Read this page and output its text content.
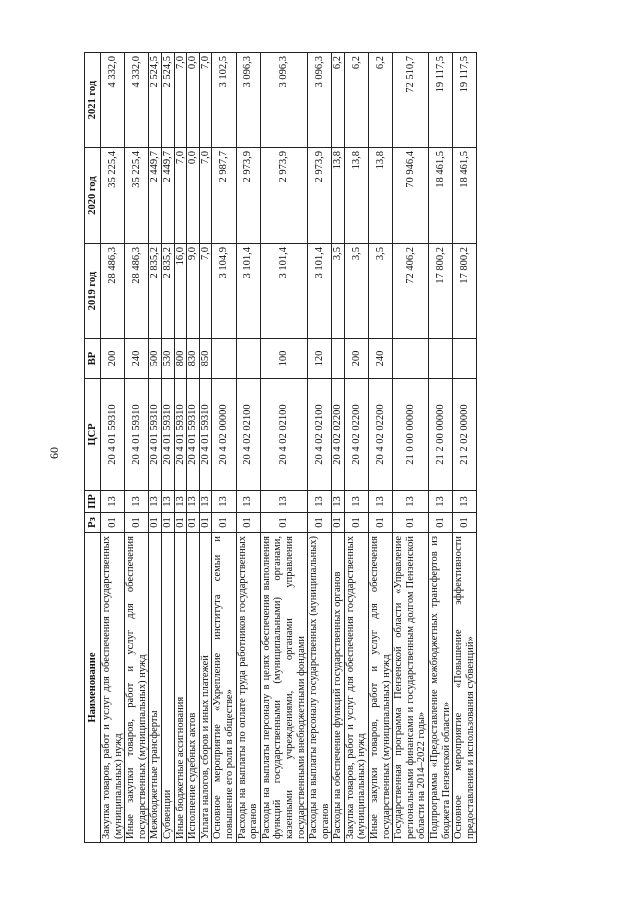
60
Наименование	Рз	ПР	ЦСР	ВР	2019 год	2020 год	2021 год
Закупка товаров, работ и услуг для обеспечения государственных (муниципальных) нужд	01	13	20 4 01 59310	200	28 486,3	35 225,4	4 332,0
Иные закупки товаров, работ и услуг для обеспечения государственных (муниципальных) нужд	01	13	20 4 01 59310	240	28 486,3	35 225,4	4 332,0
Межбюджетные трансферты	01	13	20 4 01 59310	500	2 835,2	2 449,7	2 524,5
Субвенции	01	13	20 4 01 59310	530	2 835,2	2 449,7	2 524,5
Иные бюджетные ассигнования	01	13	20 4 01 59310	800	16,0	7,0	7,0
Исполнение судебных актов	01	13	20 4 01 59310	830	9,0	0,0	0,0
Уплата налогов, сборов и иных платежей	01	13	20 4 01 59310	850	7,0	7,0	7,0
Основное мероприятие «Укрепление института семьи и повышение его роли в обществе»	01	13	20 4 02 00000		3 104,9	2 987,7	3 102,5
Расходы на выплаты по оплате труда работников государственных органов	01	13	20 4 02 02100		3 101,4	2 973,9	3 096,3
Расходы на выплаты персоналу в целях обеспечения выполнения функций государственными (муниципальными) органами, казенными учреждениями, органами управления государственными внебюджетными фондами	01	13	20 4 02 02100	100	3 101,4	2 973,9	3 096,3
Расходы на выплаты персоналу государственных (муниципальных) органов	01	13	20 4 02 02100	120	3 101,4	2 973,9	3 096,3
Расходы на обеспечение функций государственных органов	01	13	20 4 02 02200		3,5	13,8	6,2
Закупка товаров, работ и услуг для обеспечения государственных (муниципальных) нужд	01	13	20 4 02 02200	200	3,5	13,8	6,2
Иные закупки товаров, работ и услуг для обеспечения государственных (муниципальных) нужд	01	13	20 4 02 02200	240	3,5	13,8	6,2
Государственная программа Пензенской области «Управление региональными финансами и государственным долгом Пензенской области на 2014–2022 годы»	01	13	21 0 00 00000		72 406,2	70 946,4	72 510,7
Подпрограмма «Предоставление межбюджетных трансфертов из бюджета Пензенской области»	01	13	21 2 00 00000		17 800,2	18 461,5	19 117,5
Основное мероприятие «Повышение эффективности предоставления и использования субвенций»	01	13	21 2 02 00000		17 800,2	18 461,5	19 117,5
